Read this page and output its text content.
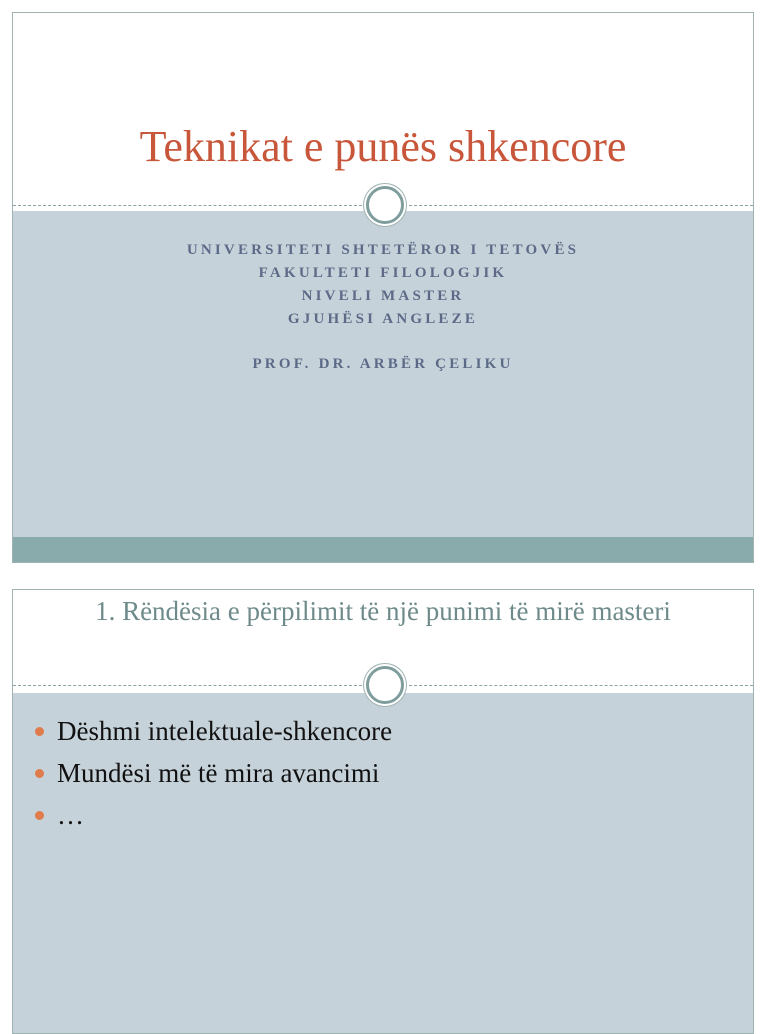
Teknikat e punës shkencore
UNIVERSITETI SHTETËROR I TETOVËS
FAKULTETI FILOLOGJIK
NIVELI MASTER
GJUHËSI ANGLEZE
PROF. DR. ARBËR ÇELIKU
1. Rëndësia e përpilimit të një punimi të mirë masteri
Dëshmi intelektuale-shkencore
Mundësi më të mira avancimi
…
